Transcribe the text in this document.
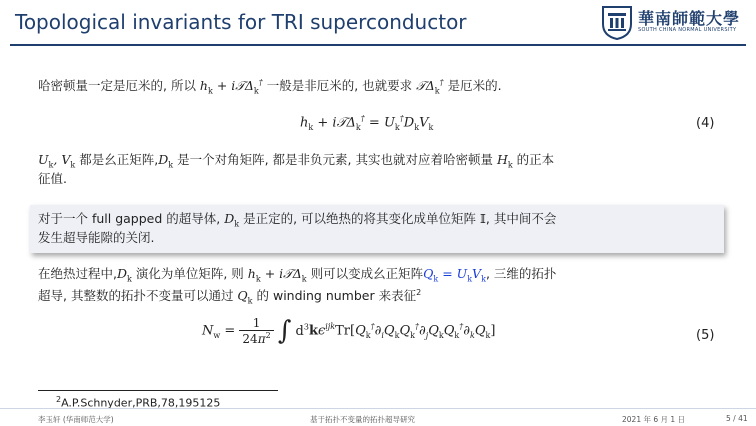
Topological invariants for TRI superconductor	華南師範大學
SOUTH CHINA NORMAL UNIVERSITY
哈密顿量一定是厄米的, 所以 $h_k$ + i𝒯Δ$_k$† 一般是非厄米的, 也就要求 𝒯Δ$_k$† 是厄米的.
$h_k$ + i𝒯Δ$_k$† = $U_k^\dagger D_kV_k$	(4)
$U_k$, $V_k$ 都是幺正矩阵$,D_k$ 是一个对角矩阵, 都是非负元素, 其实也就对应着哈密顿量 $H_k$ 的正本
征值.
对于一个 full gapped 的超导体, $D_k$ 是正定的, 可以绝热的将其变化成单位矩阵 𝕀, 其中间不会
发生超导能隙的关闭.
在绝热过程中$,D_k$ 演化为单位矩阵, 则 $h_k$ + i𝒯Δ$_k$ 则可以变成幺正矩阵$Q_k = U_kV_k$, 三维的拓扑
超导, 其整数的拓扑不变量可以通过 $Q_k$ 的 winding number 来表征$^2$
$N_w = \frac{1}{24\pi^2}$ ∫ $d^3k\epsilon^{ijk}Tr[Q_k^\dagger\partial_iQ_kQ_k^\dagger\partial_jQ_kQ_k^\dagger\partial_kQ_k]$	(5)
$^2$A.P.Schnyder,PRB,78,195125
李玉轩 (华南师范大学)	基于拓扑不变量的拓扑超导研究	2021 年 6 月 1 日	5 / 41
